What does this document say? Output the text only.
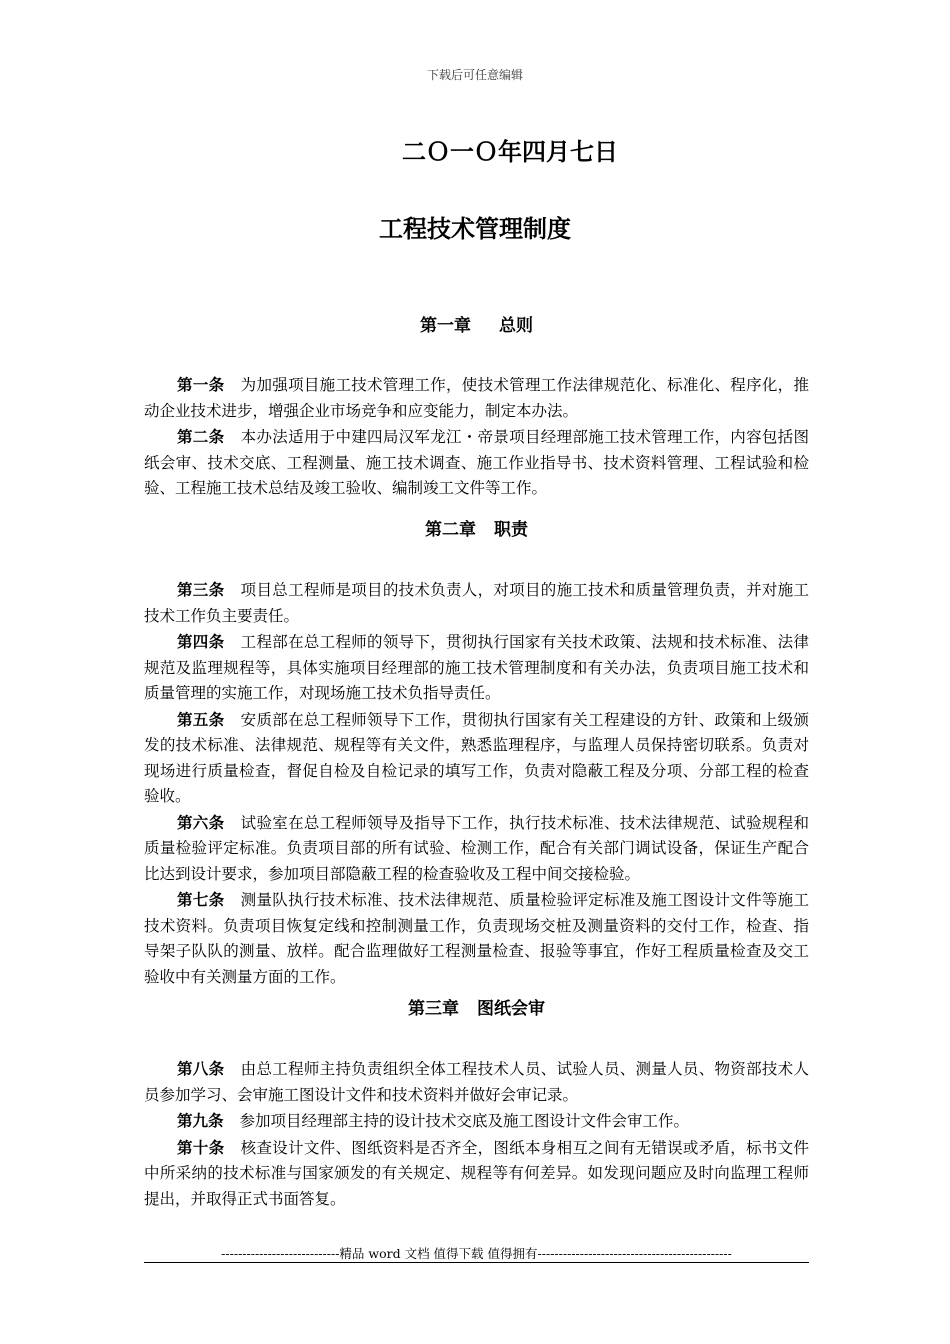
下载后可任意编辑
二Ｏ一Ｏ年四月七日
工程技术管理制度
第一章 总则

第一条 为加强项目施工技术管理工作，使技术管理工作法律规范化、标准化、程序化，推动企业技术进步，增强企业市场竞争和应变能力，制定本办法。

第二条 本办法适用于中建四局汉军龙江・帝景项目经理部施工技术管理工作，内容包括图纸会审、技术交底、工程测量、施工技术调查、施工作业指导书、技术资料管理、工程试验和检验、工程施工技术总结及竣工验收、编制竣工文件等工作。

第二章 职责

第三条 项目总工程师是项目的技术负责人，对项目的施工技术和质量管理负责，并对施工技术工作负主要责任。

第四条 工程部在总工程师的领导下，贯彻执行国家有关技术政策、法规和技术标准、法律规范及监理规程等，具体实施项目经理部的施工技术管理制度和有关办法，负责项目施工技术和质量管理的实施工作，对现场施工技术负指导责任。

第五条 安质部在总工程师领导下工作，贯彻执行国家有关工程建设的方针、政策和上级颁发的技术标准、法律规范、规程等有关文件，熟悉监理程序，与监理人员保持密切联系。负责对现场进行质量检查，督促自检及自检记录的填写工作，负责对隐蔽工程及分项、分部工程的检查验收。

第六条 试验室在总工程师领导及指导下工作，执行技术标准、技术法律规范、试验规程和质量检验评定标准。负责项目部的所有试验、检测工作，配合有关部门调试设备，保证生产配合比达到设计要求，参加项目部隐蔽工程的检查验收及工程中间交接检验。

第七条 测量队执行技术标准、技术法律规范、质量检验评定标准及施工图设计文件等施工技术资料。负责项目恢复定线和控制测量工作，负责现场交桩及测量资料的交付工作，检查、指导架子队队的测量、放样。配合监理做好工程测量检查、报验等事宜，作好工程质量检查及交工验收中有关测量方面的工作。

第三章 图纸会审

第八条 由总工程师主持负责组织全体工程技术人员、试验人员、测量人员、物资部技术人员参加学习、会审施工图设计文件和技术资料并做好会审记录。

第九条 参加项目经理部主持的设计技术交底及施工图设计文件会审工作。

第十条 核查设计文件、图纸资料是否齐全，图纸本身相互之间有无错误或矛盾，标书文件中所采纳的技术标准与国家颁发的有关规定、规程等有何差异。如发现问题应及时向监理工程师提出，并取得正式书面答复。

----------------------------精品 word 文档 值得下载 值得拥有----------------------------------------------
